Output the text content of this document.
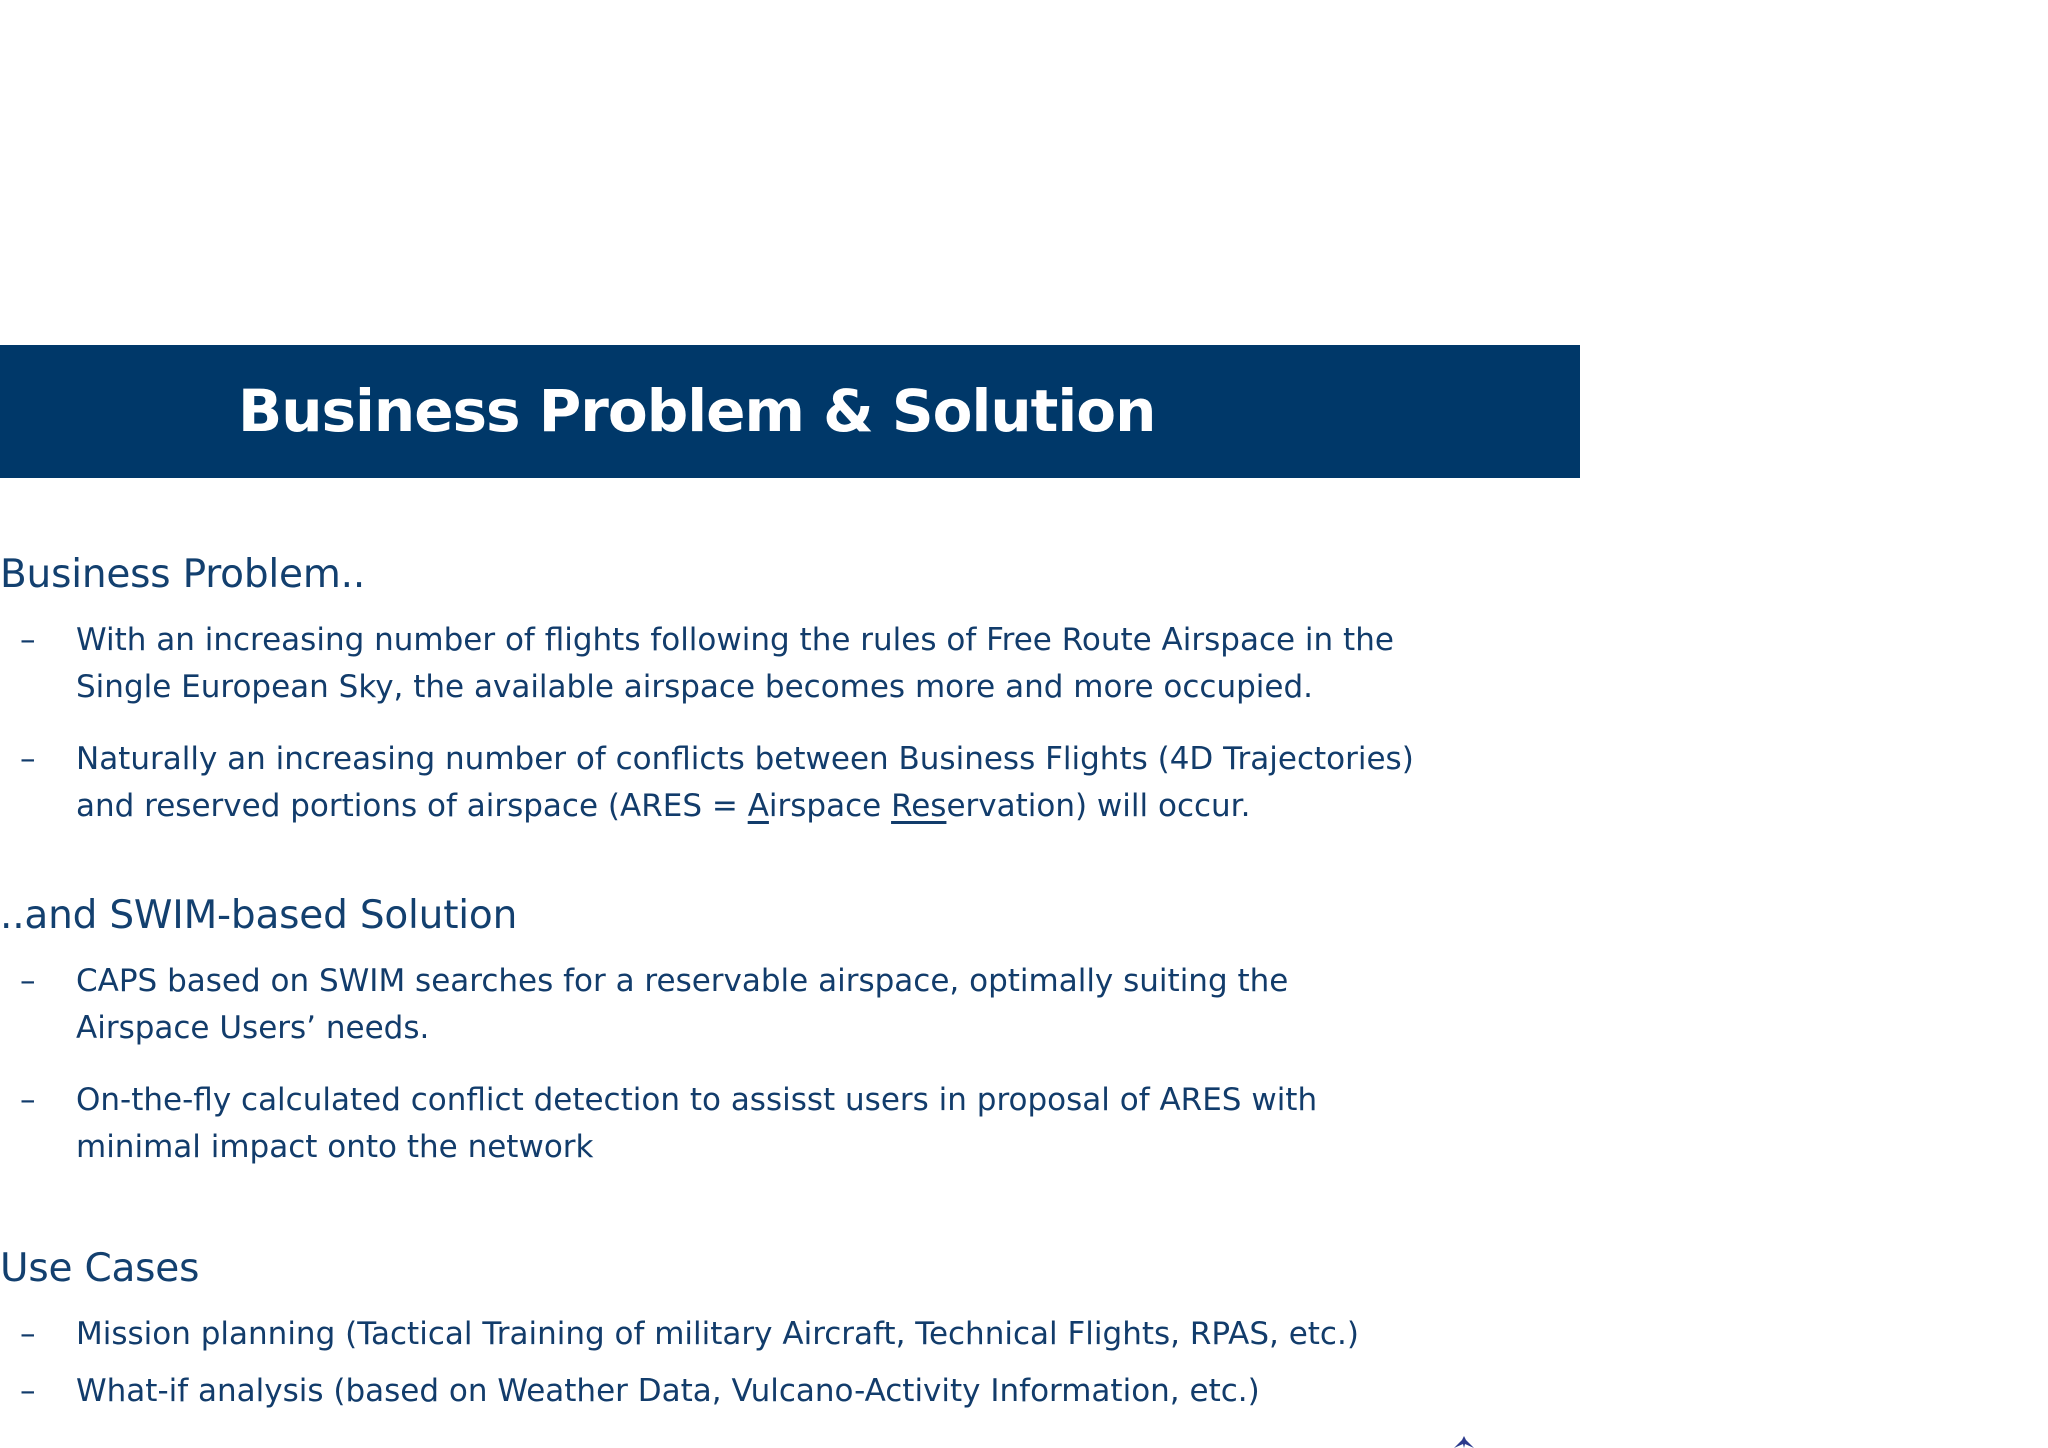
Business Problem & Solution
Business Problem..
– With an increasing number of flights following the rules of Free Route Airspace in the
Single European Sky, the available airspace becomes more and more occupied.
– Naturally an increasing number of conflicts between Business Flights (4D Trajectories)
and reserved portions of airspace (ARES = Airspace Reservation) will occur.
..and SWIM-based Solution
– CAPS based on SWIM searches for a reservable airspace, optimally suiting the
Airspace Users’ needs.
– On-the-fly calculated conflict detection to assisst users in proposal of ARES with
minimal impact onto the network
Use Cases
– Mission planning (Tactical Training of military Aircraft, Technical Flights, RPAS, etc.)
– What-if analysis (based on Weather Data, Vulcano-Activity Information, etc.)
